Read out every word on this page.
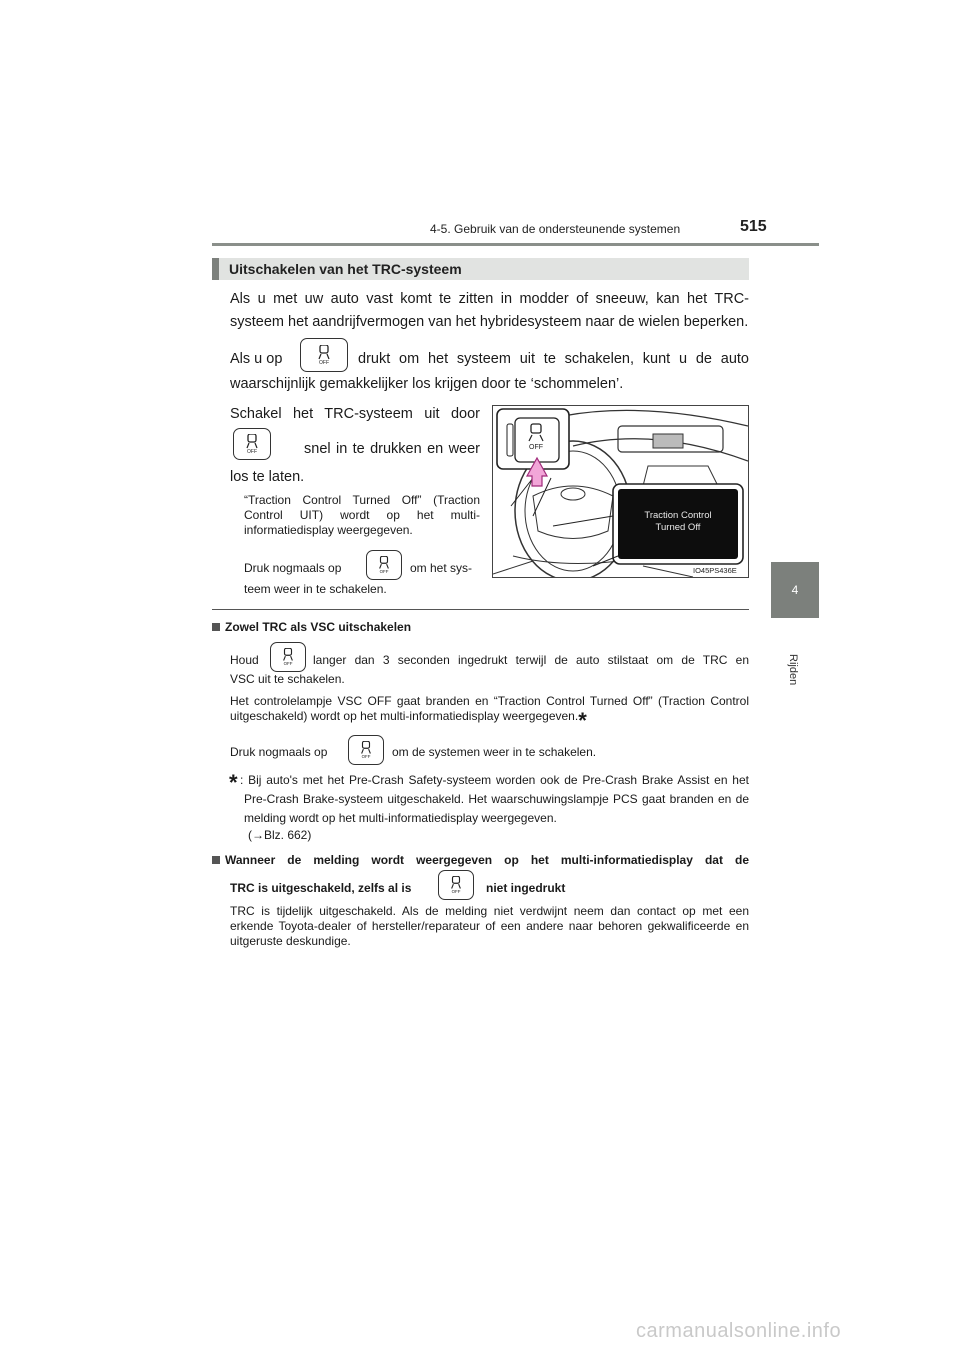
4-5. Gebruik van de ondersteunende systemen	515
4
Rijden
Uitschakelen van het TRC-systeem
Als u met uw auto vast komt te zitten in modder of sneeuw, kan het TRC-systeem het aandrijfvermogen van het hybridesysteem naar de wielen beperken.
Als u op	OFF drukt om het systeem uit te schakelen, kunt u de auto
waarschijnlijk gemakkelijker los krijgen door te ‘schommelen’.
Schakel het TRC-systeem uit door
OFF	snel in te drukken en weer
los te laten.
“Traction Control Turned Off” (Traction Control UIT) wordt op het multi-informatiedisplay weergegeven.
Druk nogmaals op	OFF om het sys-
teem weer in te schakelen.
OFF
Traction Control
Turned Off
IO45PS436E
Zowel TRC als VSC uitschakelen
Houd	OFF langer dan 3 seconden ingedrukt terwijl de auto stilstaat om de TRC en
VSC uit te schakelen.
Het controlelampje VSC OFF gaat branden en “Traction Control Turned Off” (Traction Control uitgeschakeld) wordt op het multi-informatiedisplay weergegeven.*
Druk nogmaals op	OFF om de systemen weer in te schakelen.
* : Bij auto's met het Pre-Crash Safety-systeem worden ook de Pre-Crash Brake Assist en het Pre-Crash Brake-systeem uitgeschakeld. Het waarschuwingslampje PCS gaat branden en de melding wordt op het multi-informatiedisplay weergegeven.
(→Blz. 662)
Wanneer de melding wordt weergegeven op het multi-informatiedisplay dat de
TRC is uitgeschakeld, zelfs al is	OFF niet ingedrukt
TRC is tijdelijk uitgeschakeld. Als de melding niet verdwijnt neem dan contact op met een erkende Toyota-dealer of hersteller/reparateur of een andere naar behoren gekwalificeerde en uitgeruste deskundige.
carmanualsonline.info
